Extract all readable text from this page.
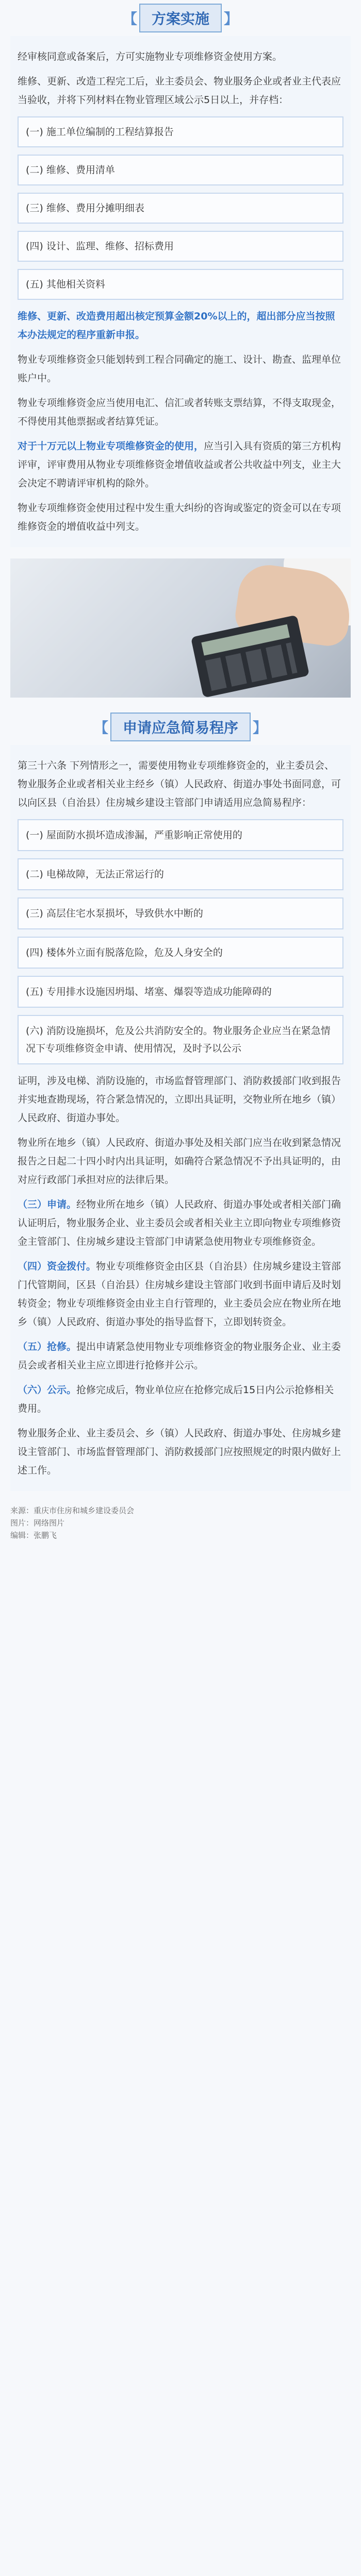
【	方案实施	】
经审核同意或备案后，方可实施物业专项维修资金使用方案。
维修、更新、改造工程完工后，业主委员会、物业服务企业或者业主代表应当验收，并将下列材料在物业管理区域公示5日以上，并存档：
(一) 施工单位编制的工程结算报告
(二) 维修、费用清单
(三) 维修、费用分摊明细表
(四) 设计、监理、维修、招标费用
(五) 其他相关资料
维修、更新、改造费用超出核定预算金额20%以上的，超出部分应当按照本办法规定的程序重新申报。
物业专项维修资金只能划转到工程合同确定的施工、设计、勘查、监理单位账户中。
物业专项维修资金应当使用电汇、信汇或者转账支票结算，不得支取现金，不得使用其他票据或者结算凭证。
对于十万元以上物业专项维修资金的使用，应当引入具有资质的第三方机构评审，评审费用从物业专项维修资金增值收益或者公共收益中列支，业主大会决定不聘请评审机构的除外。
物业专项维修资金使用过程中发生重大纠纷的咨询或鉴定的资金可以在专项维修资金的增值收益中列支。
【	申请应急简易程序	】
第三十六条 下列情形之一，需要使用物业专项维修资金的，业主委员会、物业服务企业或者相关业主经乡（镇）人民政府、街道办事处书面同意，可以向区县（自治县）住房城乡建设主管部门申请适用应急简易程序：
(一) 屋面防水损坏造成渗漏，严重影响正常使用的
(二) 电梯故障，无法正常运行的
(三) 高层住宅水泵损坏，导致供水中断的
(四) 楼体外立面有脱落危险，危及人身安全的
(五) 专用排水设施因坍塌、堵塞、爆裂等造成功能障碍的
(六) 消防设施损坏，危及公共消防安全的。物业服务企业应当在紧急情况下专项维修资金申请、使用情况，及时予以公示
证明，涉及电梯、消防设施的，市场监督管理部门、消防救援部门收到报告并实地查勘现场，符合紧急情况的，立即出具证明，交物业所在地乡（镇）人民政府、街道办事处。
物业所在地乡（镇）人民政府、街道办事处及相关部门应当在收到紧急情况报告之日起二十四小时内出具证明，如确符合紧急情况不予出具证明的，由对应行政部门承担对应的法律后果。
（三）申请。经物业所在地乡（镇）人民政府、街道办事处或者相关部门确认证明后，物业服务企业、业主委员会或者相关业主立即向物业专项维修资金主管部门、住房城乡建设主管部门申请紧急使用物业专项维修资金。
（四）资金拨付。物业专项维修资金由区县（自治县）住房城乡建设主管部门代管期间，区县（自治县）住房城乡建设主管部门收到书面申请后及时划转资金；物业专项维修资金由业主自行管理的，业主委员会应在物业所在地乡（镇）人民政府、街道办事处的指导监督下，立即划转资金。
（五）抢修。提出申请紧急使用物业专项维修资金的物业服务企业、业主委员会或者相关业主应立即进行抢修并公示。
（六）公示。抢修完成后，物业单位应在抢修完成后15日内公示抢修相关费用。
物业服务企业、业主委员会、乡（镇）人民政府、街道办事处、住房城乡建设主管部门、市场监督管理部门、消防救援部门应按照规定的时限内做好上述工作。
来源：重庆市住房和城乡建设委员会
图片：网络图片
编辑：张鹏飞
